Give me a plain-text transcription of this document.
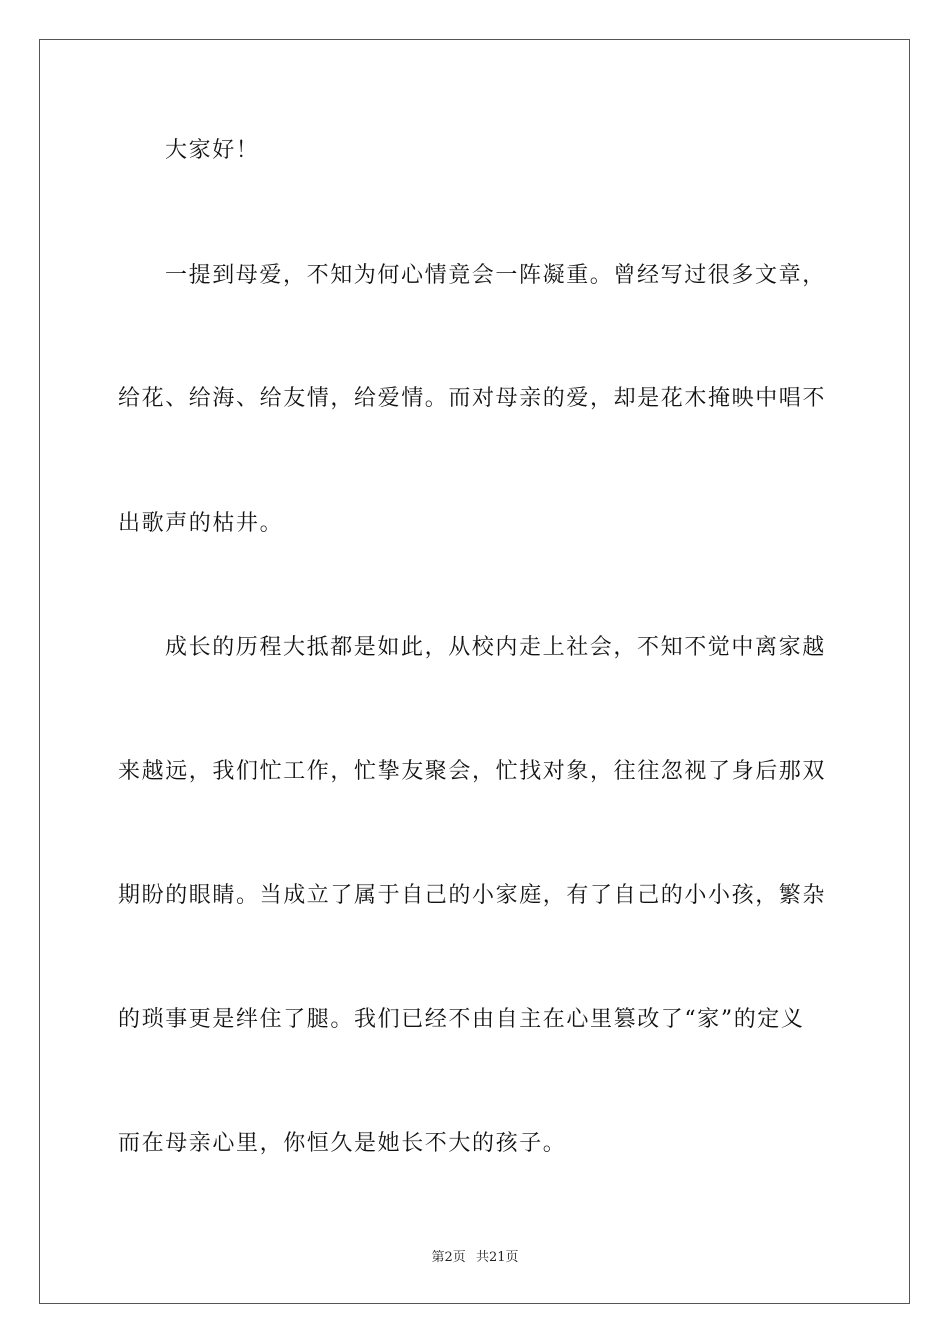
大家好！
一提到母爱，不知为何心情竟会一阵凝重。曾经写过很多文章，
给花、给海、给友情，给爱情。而对母亲的爱，却是花木掩映中唱不
出歌声的枯井。
成长的历程大抵都是如此，从校内走上社会，不知不觉中离家越
来越远，我们忙工作，忙挚友聚会，忙找对象，往往忽视了身后那双
期盼的眼睛。当成立了属于自己的小家庭，有了自己的小小孩，繁杂
的琐事更是绊住了腿。我们已经不由自主在心里篡改了“家”的定义
而在母亲心里，你恒久是她长不大的孩子。
第2页 共21页
